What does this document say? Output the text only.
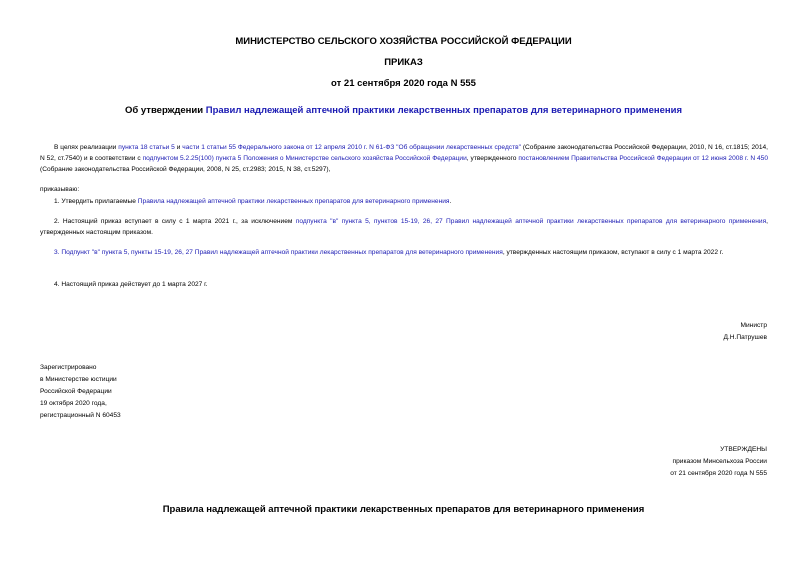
МИНИСТЕРСТВО СЕЛЬСКОГО ХОЗЯЙСТВА РОССИЙСКОЙ ФЕДЕРАЦИИ
ПРИКАЗ
от 21 сентября 2020 года N 555
Об утверждении Правил надлежащей аптечной практики лекарственных препаратов для ветеринарного применения
В целях реализации пункта 18 статьи 5 и части 1 статьи 55 Федерального закона от 12 апреля 2010 г. N 61-ФЗ "Об обращении лекарственных средств" (Собрание законодательства Российской Федерации, 2010, N 16, ст.1815; 2014, N 52, ст.7540) и в соответствии с подпунктом 5.2.25(100) пункта 5 Положения о Министерстве сельского хозяйства Российской Федерации, утвержденного постановлением Правительства Российской Федерации от 12 июня 2008 г. N 450 (Собрание законодательства Российской Федерации, 2008, N 25, ст.2983; 2015, N 38, ст.5297),
приказываю:
1. Утвердить прилагаемые Правила надлежащей аптечной практики лекарственных препаратов для ветеринарного применения.
2. Настоящий приказ вступает в силу с 1 марта 2021 г., за исключением подпункта "в" пункта 5, пунктов 15-19, 26, 27 Правил надлежащей аптечной практики лекарственных препаратов для ветеринарного применения, утвержденных настоящим приказом.
3. Подпункт "в" пункта 5, пункты 15-19, 26, 27 Правил надлежащей аптечной практики лекарственных препаратов для ветеринарного применения, утвержденных настоящим приказом, вступают в силу с 1 марта 2022 г.
4. Настоящий приказ действует до 1 марта 2027 г.
Министр
Д.Н.Патрушев
Зарегистрировано
в Министерстве юстиции
Российской Федерации
19 октября 2020 года,
регистрационный N 60453
УТВЕРЖДЕНЫ
приказом Минсельхоза России
от 21 сентября 2020 года N 555
Правила надлежащей аптечной практики лекарственных препаратов для ветеринарного применения
